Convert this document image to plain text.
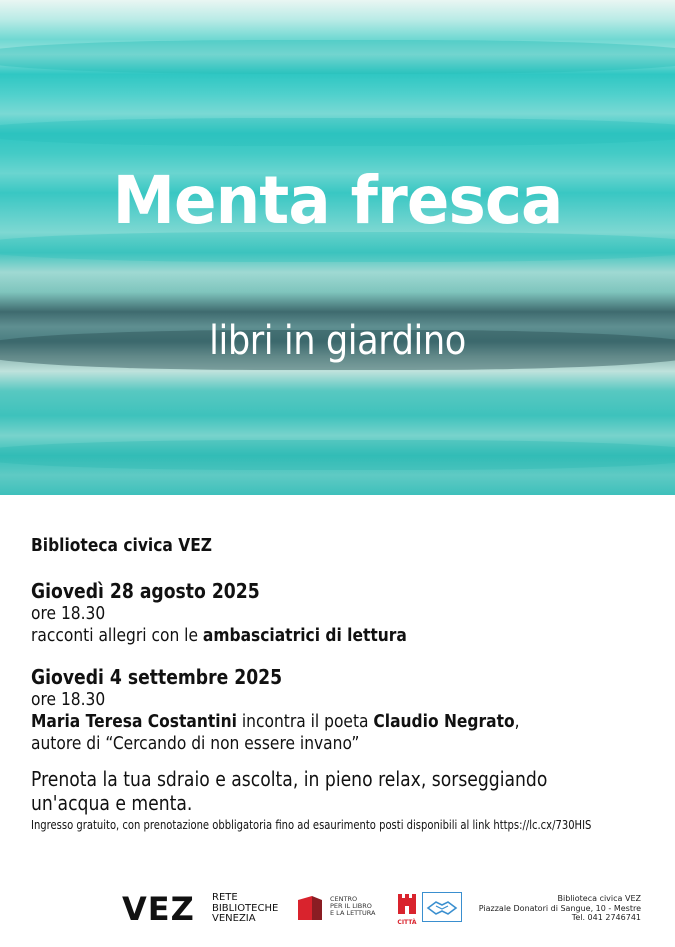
Menta fresca
libri in giardino

Biblioteca civica VEZ

Giovedì 28 agosto 2025

ore 18.30

racconti allegri con le ambasciatrici di lettura

Giovedi 4 settembre 2025

ore 18.30

Maria Teresa Costantini incontra il poeta Claudio Negrato,

autore di “Cercando di non essere invano”

Prenota la tua sdraio e ascolta, in pieno relax, sorseggiando

un'acqua e menta.

Ingresso gratuito, con prenotazione obbligatoria fino ad esaurimento posti disponibili al link https://lc.cx/730HIS

VEZ RETE
BIBLIOTECHE
VENEZIA
CENTRO
PER IL LIBRO
E LA LETTURA
CITTÀ
Biblioteca civica VEZ
Piazzale Donatori di Sangue, 10 - Mestre
Tel. 041 2746741
